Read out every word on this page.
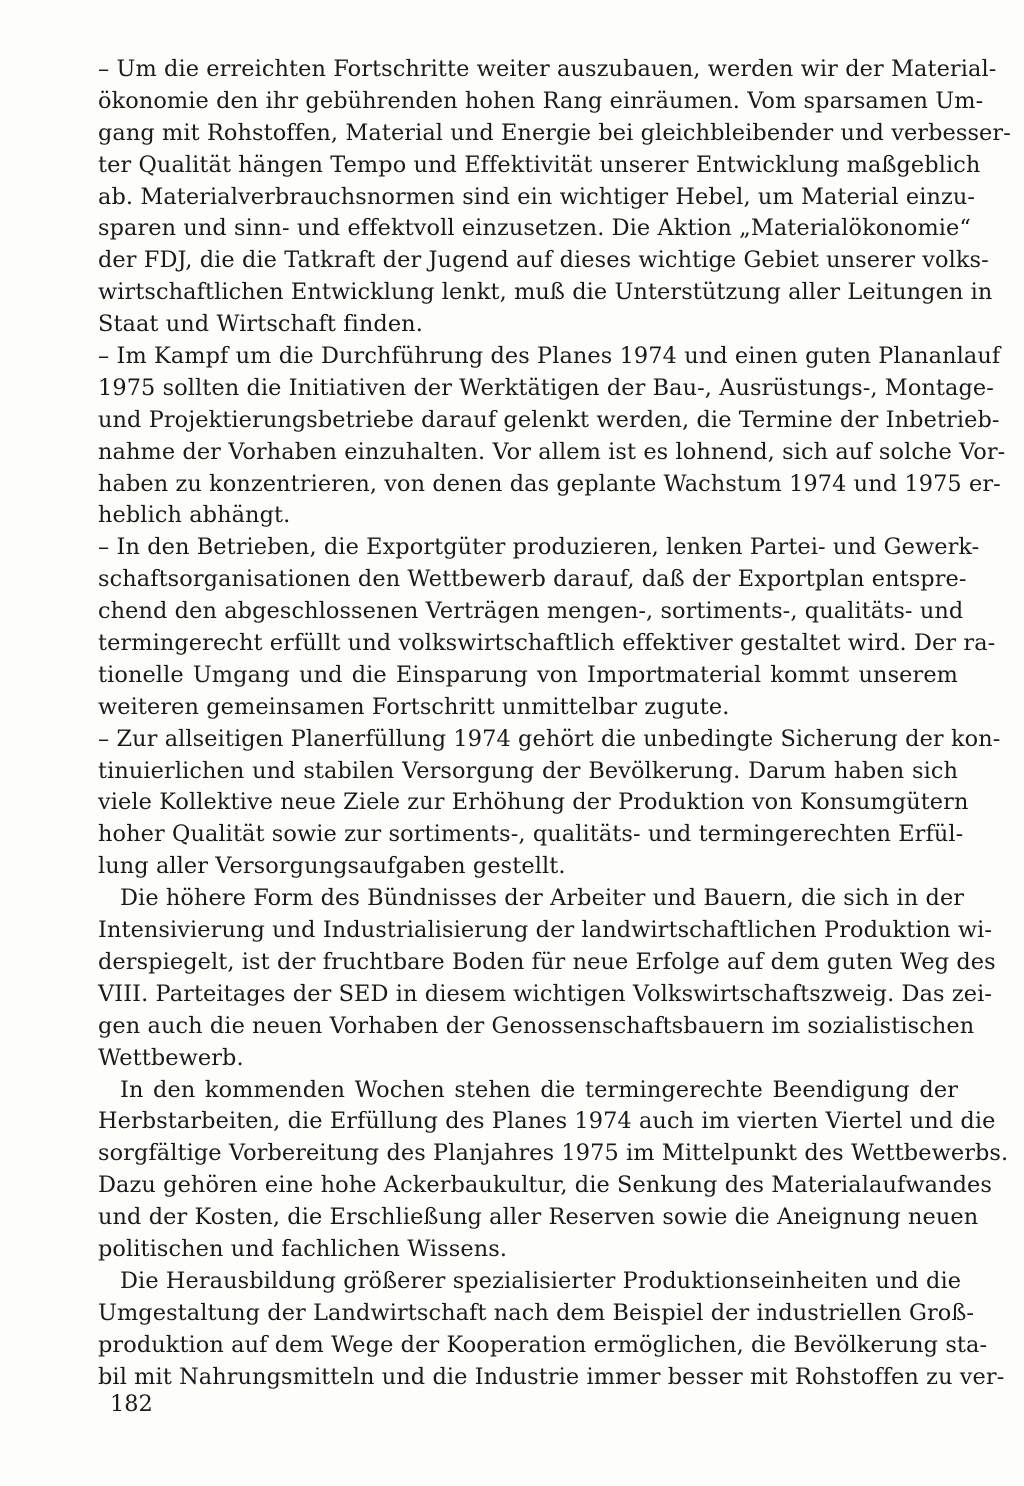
– Um die erreichten Fortschritte weiter auszubauen, werden wir der Material-
ökonomie den ihr gebührenden hohen Rang einräumen. Vom sparsamen Um-
gang mit Rohstoffen, Material und Energie bei gleichbleibender und verbesser-
ter Qualität hängen Tempo und Effektivität unserer Entwicklung maßgeblich
ab. Materialverbrauchsnormen sind ein wichtiger Hebel, um Material einzu-
sparen und sinn- und effektvoll einzusetzen. Die Aktion „Materialökonomie“
der FDJ, die die Tatkraft der Jugend auf dieses wichtige Gebiet unserer volks-
wirtschaftlichen Entwicklung lenkt, muß die Unterstützung aller Leitungen in
Staat und Wirtschaft finden.
– Im Kampf um die Durchführung des Planes 1974 und einen guten Plananlauf
1975 sollten die Initiativen der Werktätigen der Bau-, Ausrüstungs-, Montage-
und Projektierungsbetriebe darauf gelenkt werden, die Termine der Inbetrieb-
nahme der Vorhaben einzuhalten. Vor allem ist es lohnend, sich auf solche Vor-
haben zu konzentrieren, von denen das geplante Wachstum 1974 und 1975 er-
heblich abhängt.
– In den Betrieben, die Exportgüter produzieren, lenken Partei- und Gewerk-
schaftsorganisationen den Wettbewerb darauf, daß der Exportplan entspre-
chend den abgeschlossenen Verträgen mengen-, sortiments-, qualitäts- und
termingerecht erfüllt und volkswirtschaftlich effektiver gestaltet wird. Der ra-
tionelle Umgang und die Einsparung von Importmaterial kommt unserem
weiteren gemeinsamen Fortschritt unmittelbar zugute.
– Zur allseitigen Planerfüllung 1974 gehört die unbedingte Sicherung der kon-
tinuierlichen und stabilen Versorgung der Bevölkerung. Darum haben sich
viele Kollektive neue Ziele zur Erhöhung der Produktion von Konsumgütern
hoher Qualität sowie zur sortiments-, qualitäts- und termingerechten Erfül-
lung aller Versorgungsaufgaben gestellt.
Die höhere Form des Bündnisses der Arbeiter und Bauern, die sich in der
Intensivierung und Industrialisierung der landwirtschaftlichen Produktion wi-
derspiegelt, ist der fruchtbare Boden für neue Erfolge auf dem guten Weg des
VIII. Parteitages der SED in diesem wichtigen Volkswirtschaftszweig. Das zei-
gen auch die neuen Vorhaben der Genossenschaftsbauern im sozialistischen
Wettbewerb.
In den kommenden Wochen stehen die termingerechte Beendigung der
Herbstarbeiten, die Erfüllung des Planes 1974 auch im vierten Viertel und die
sorgfältige Vorbereitung des Planjahres 1975 im Mittelpunkt des Wettbewerbs.
Dazu gehören eine hohe Ackerbaukultur, die Senkung des Materialaufwandes
und der Kosten, die Erschließung aller Reserven sowie die Aneignung neuen
politischen und fachlichen Wissens.
Die Herausbildung größerer spezialisierter Produktionseinheiten und die
Umgestaltung der Landwirtschaft nach dem Beispiel der industriellen Groß-
produktion auf dem Wege der Kooperation ermöglichen, die Bevölkerung sta-
bil mit Nahrungsmitteln und die Industrie immer besser mit Rohstoffen zu ver-
182
